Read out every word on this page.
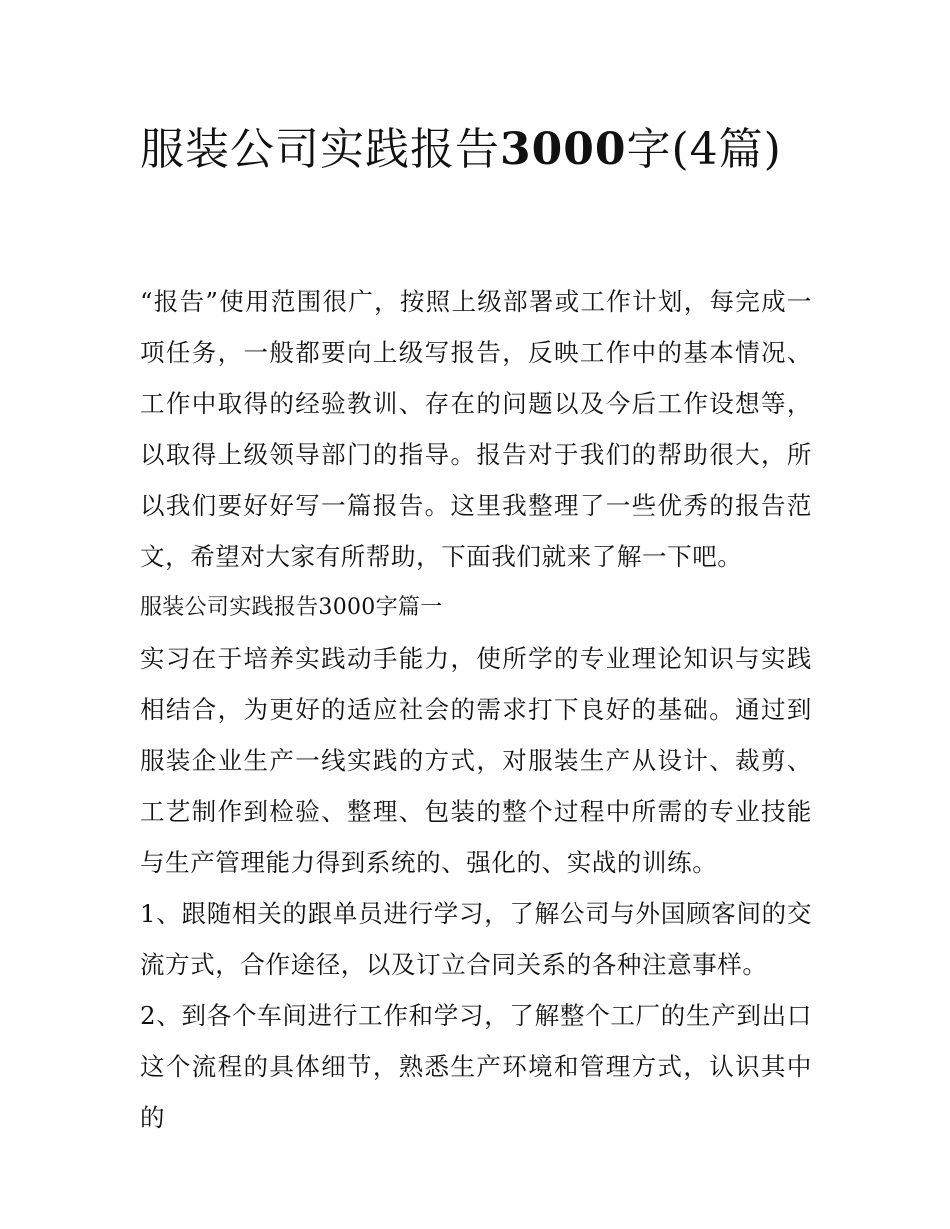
服装公司实践报告3000字(4篇)

“报告”使用范围很广，按照上级部署或工作计划，每完成一项任务，一般都要向上级写报告，反映工作中的基本情况、工作中取得的经验教训、存在的问题以及今后工作设想等，以取得上级领导部门的指导。报告对于我们的帮助很大，所以我们要好好写一篇报告。这里我整理了一些优秀的报告范文，希望对大家有所帮助，下面我们就来了解一下吧。

服装公司实践报告3000字篇一

实习在于培养实践动手能力，使所学的专业理论知识与实践相结合，为更好的适应社会的需求打下良好的基础。通过到服装企业生产一线实践的方式，对服装生产从设计、裁剪、工艺制作到检验、整理、包装的整个过程中所需的专业技能与生产管理能力得到系统的、强化的、实战的训练。

1、跟随相关的跟单员进行学习，了解公司与外国顾客间的交流方式，合作途径，以及订立合同关系的各种注意事样。

2、到各个车间进行工作和学习，了解整个工厂的生产到出口这个流程的具体细节，熟悉生产环境和管理方式，认识其中的
